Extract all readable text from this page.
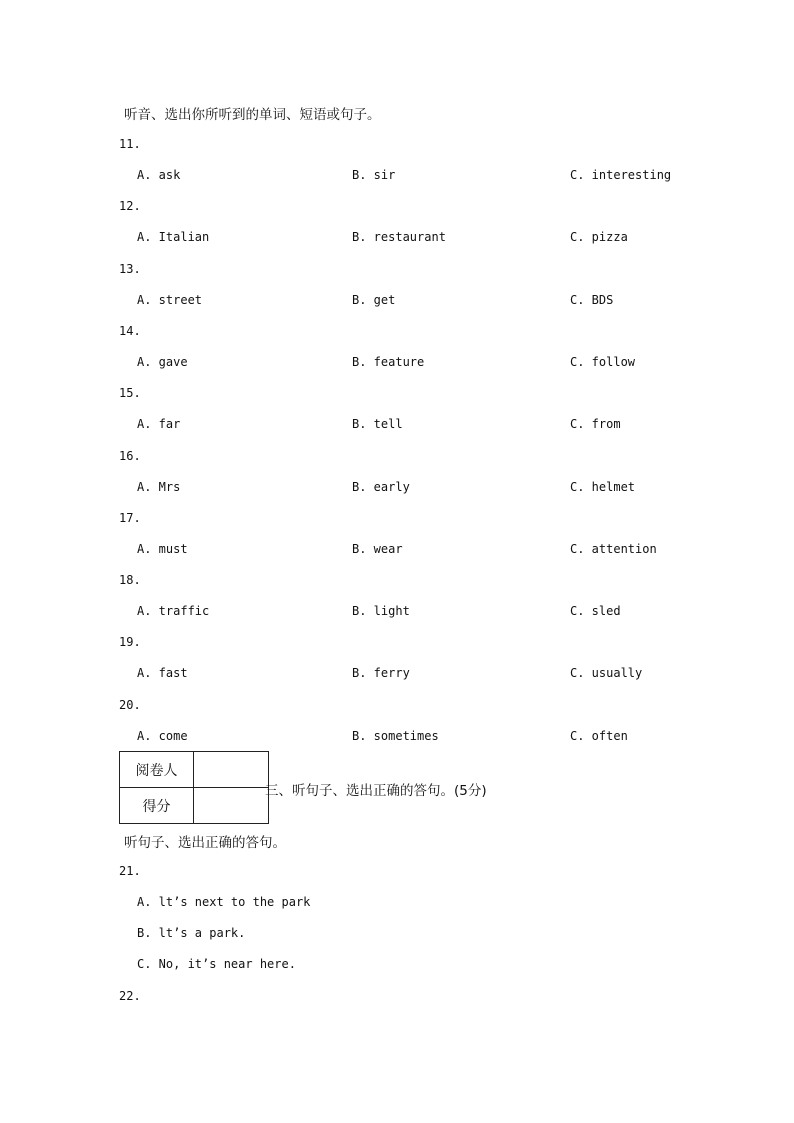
听音、选出你所听到的单词、短语或句子。
11.
A. ask	B. sir	C. interesting
12.
A. Italian	B. restaurant	C. pizza
13.
A. street	B. get	C. BDS
14.
A. gave	B. feature	C. follow
15.
A. far	B. tell	C. from
16.
A. Mrs	B. early	C. helmet
17.
A. must	B. wear	C. attention
18.
A. traffic	B. light	C. sled
19.
A. fast	B. ferry	C. usually
20.
A. come	B. sometimes	C. often
阅卷人	
得分	
三、听句子、选出正确的答句。(5分)
听句子、选出正确的答句。
21.
A. lt’s next to the park
B. lt’s a park.
C. No, it’s near here.
22.
